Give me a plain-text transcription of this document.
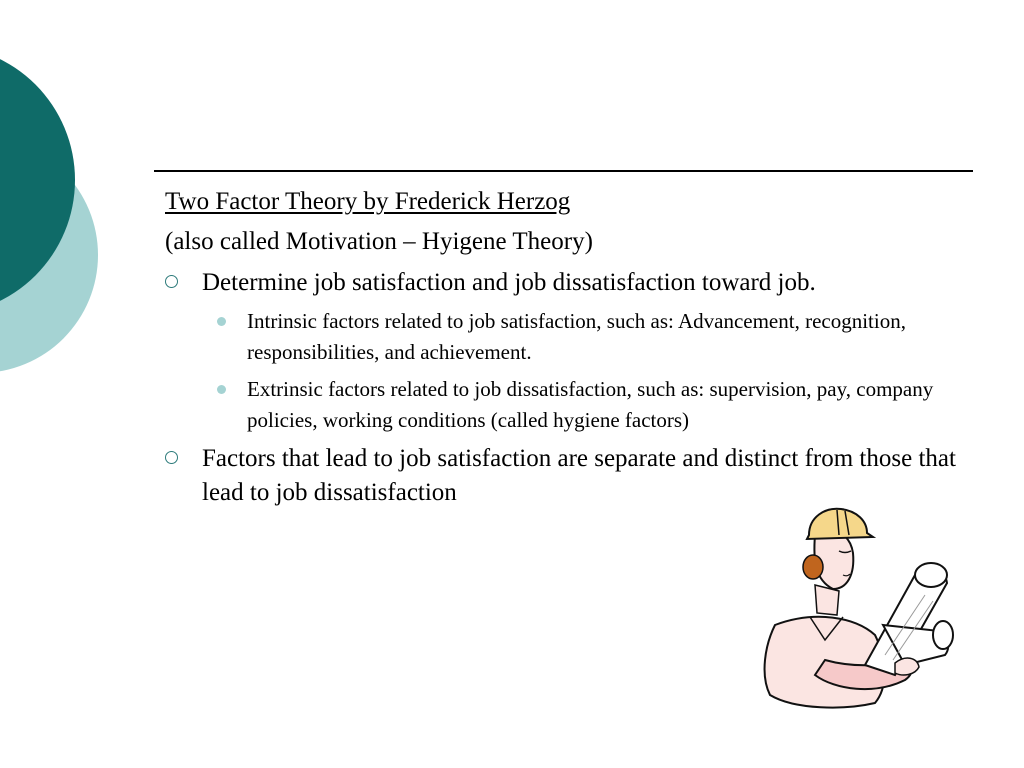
Two Factor Theory by Frederick Herzog
(also called Motivation – Hyigene Theory)
Determine job satisfaction and job dissatisfaction toward job.
Intrinsic factors related to job satisfaction, such as: Advancement, recognition, responsibilities, and achievement.
Extrinsic factors related to job dissatisfaction, such as: supervision, pay, company policies, working conditions (called hygiene factors)
Factors that lead to job satisfaction are separate and distinct from those that lead to job dissatisfaction
